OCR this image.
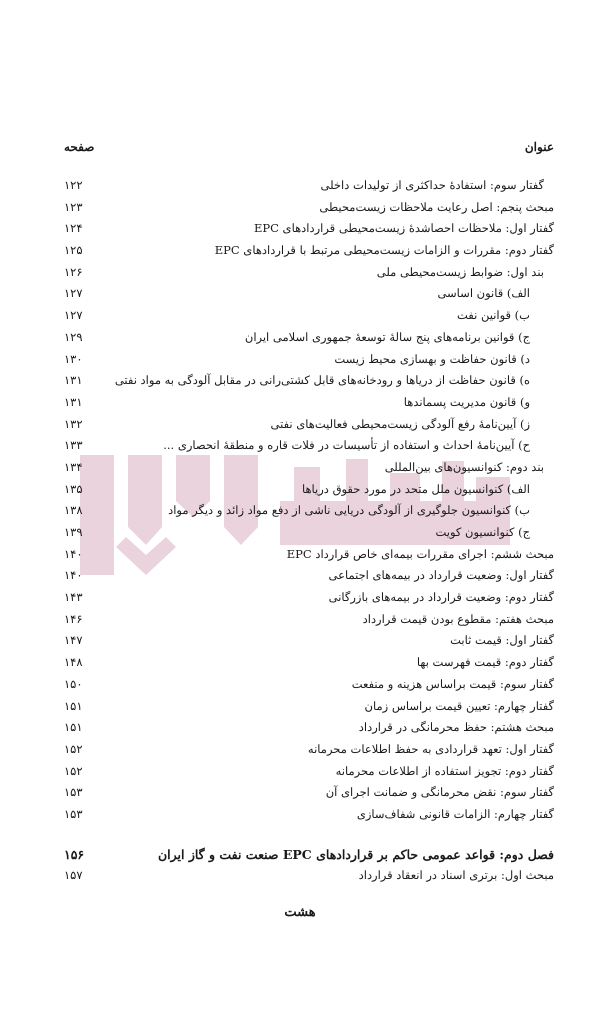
عنوان
صفحه
گفتار سوم: استفادۀ حداکثری از تولیدات داخلی
۱۲۲
مبحث پنجم: اصل رعایت ملاحظات زیست‌محیطی
۱۲۳
گفتار اول: ملاحظات احصاشدۀ زیست‌محیطی قراردادهای EPC
۱۲۴
گفتار دوم: مقررات و الزامات زیست‌محیطی مرتبط با قراردادهای EPC
۱۲۵
بند اول: ضوابط زیست‌محیطی ملی
۱۲۶
الف) قانون اساسی
۱۲۷
ب) قوانین نفت
۱۲۷
ج) قوانین برنامه‌های پنج سالۀ توسعۀ جمهوری اسلامی ایران
۱۲۹
د) قانون حفاظت و بهسازی محیط زیست
۱۳۰
ه) قانون حفاظت از دریاها و رودخانه‌های قابل کشتی‌رانی در مقابل آلودگی به مواد نفتی
۱۳۱
و) قانون مدیریت پسماندها
۱۳۱
ز) آیین‌نامۀ رفع آلودگی زیست‌محیطی فعالیت‌های نفتی
۱۳۲
ح) آیین‌نامۀ احداث و استفاده از تأسیسات در فلات قاره و منطقۀ انحصاری ...
۱۳۳
بند دوم: کنوانسیون‌های بین‌المللی
۱۳۴
الف) کنوانسیون ملل متحد در مورد حقوق دریاها
۱۳۵
ب) کنوانسیون جلوگیری از آلودگی دریایی ناشی از دفع مواد زائد و دیگر مواد
۱۳۸
ج) کنوانسیون کویت
۱۳۹
مبحث ششم: اجرای مقررات بیمه‌ای خاص قرارداد EPC
۱۴۰
گفتار اول: وضعیت قرارداد در بیمه‌های اجتماعی
۱۴۰
گفتار دوم: وضعیت قرارداد در بیمه‌های بازرگانی
۱۴۳
مبحث هفتم: مقطوع بودن قیمت قرارداد
۱۴۶
گفتار اول: قیمت ثابت
۱۴۷
گفتار دوم: قیمت فهرست بها
۱۴۸
گفتار سوم: قیمت براساس هزینه و منفعت
۱۵۰
گفتار چهارم: تعیین قیمت براساس زمان
۱۵۱
مبحث هشتم: حفظ محرمانگی در قرارداد
۱۵۱
گفتار اول: تعهد قراردادی به حفظ اطلاعات محرمانه
۱۵۲
گفتار دوم: تجویز استفاده از اطلاعات محرمانه
۱۵۲
گفتار سوم: نقض محرمانگی و ضمانت اجرای آن
۱۵۳
گفتار چهارم: الزامات قانونی شفاف‌سازی
۱۵۳
فصل دوم: قواعد عمومی حاکم بر قراردادهای EPC صنعت نفت و گاز ایران
۱۵۶
مبحث اول: برتری اسناد در انعقاد قرارداد
۱۵۷
هشت
